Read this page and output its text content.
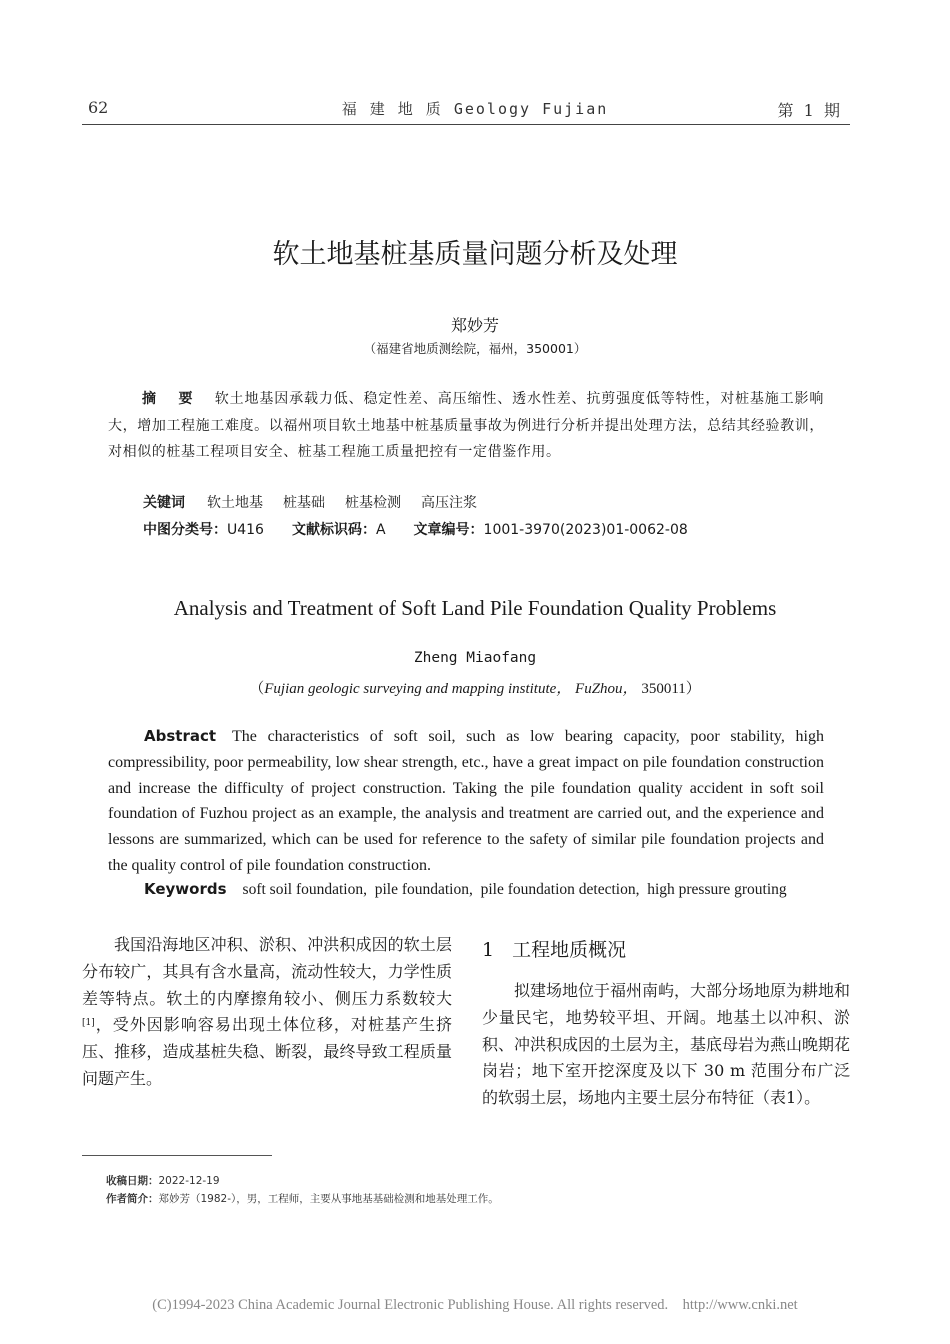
62	福 建 地 质 Geology Fujian	第  1  期
软土地基桩基质量问题分析及处理
郑妙芳
（福建省地质测绘院，福州，350001）
摘　要 软土地基因承载力低、稳定性差、高压缩性、透水性差、抗剪强度低等特性，对桩基施工影响大，增加工程施工难度。以福州项目软土地基中桩基质量事故为例进行分析并提出处理方法，总结其经验教训，对相似的桩基工程项目安全、桩基工程施工质量把控有一定借鉴作用。
关键词 软土地基 桩基础 桩基检测 高压注浆
中图分类号：U416 文献标识码：A 文章编号：1001-3970(2023)01-0062-08
Analysis and Treatment of Soft Land Pile Foundation Quality Problems
Zheng Miaofang
（Fujian geologic surveying and mapping institute， FuZhou， 350011）
Abstract The characteristics of soft soil, such as low bearing capacity, poor stability, high compressibility, poor permeability, low shear strength, etc., have a great impact on pile foundation construction and increase the difficulty of project construction. Taking the pile foundation quality accident in soft soil foundation of Fuzhou project as an example, the analysis and treatment are carried out, and the experience and lessons are summarized, which can be used for reference to the safety of similar pile foundation projects and the quality control of pile foundation construction.
Keywords soft soil foundation,  pile foundation,  pile foundation detection,  high pressure grouting
我国沿海地区冲积、淤积、冲洪积成因的软土层分布较广，其具有含水量高，流动性较大，力学性质差等特点。软土的内摩擦角较小、侧压力系数较大[1]，受外因影响容易出现土体位移，对桩基产生挤压、推移，造成基桩失稳、断裂，最终导致工程质量问题产生。
1 工程地质概况
拟建场地位于福州南屿，大部分场地原为耕地和少量民宅，地势较平坦、开阔。地基土以冲积、淤积、冲洪积成因的土层为主，基底母岩为燕山晚期花岗岩；地下室开挖深度及以下 30 m 范围分布广泛的软弱土层，场地内主要土层分布特征（表1）。
收稿日期：2022-12-19
作者简介：郑妙芳（1982-），男，工程师，主要从事地基基础检测和地基处理工作。
(C)1994-2023 China Academic Journal Electronic Publishing House. All rights reserved.    http://www.cnki.net
